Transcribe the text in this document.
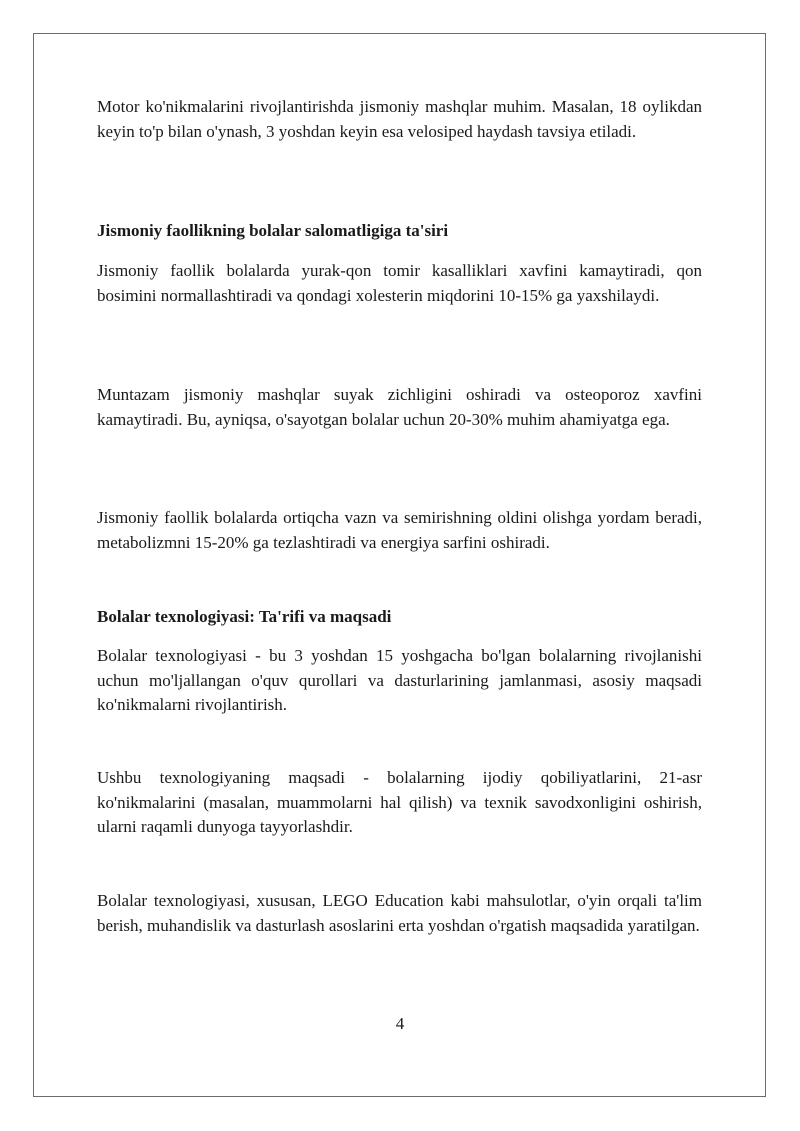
Motor ko'nikmalarini rivojlantirishda jismoniy mashqlar muhim. Masalan, 18 oylikdan keyin to'p bilan o'ynash, 3 yoshdan keyin esa velosiped haydash tavsiya etiladi.

Jismoniy faollikning bolalar salomatligiga ta'siri

Jismoniy faollik bolalarda yurak-qon tomir kasalliklari xavfini kamaytiradi, qon bosimini normallashtiradi va qondagi xolesterin miqdorini 10-15% ga yaxshilaydi.

Muntazam jismoniy mashqlar suyak zichligini oshiradi va osteoporoz xavfini kamaytiradi. Bu, ayniqsa, o'sayotgan bolalar uchun 20-30% muhim ahamiyatga ega.

Jismoniy faollik bolalarda ortiqcha vazn va semirishning oldini olishga yordam beradi, metabolizmni 15-20% ga tezlashtiradi va energiya sarfini oshiradi.

Bolalar texnologiyasi: Ta'rifi va maqsadi

Bolalar texnologiyasi - bu 3 yoshdan 15 yoshgacha bo'lgan bolalarning rivojlanishi uchun mo'ljallangan o'quv qurollari va dasturlarining jamlanmasi, asosiy maqsadi ko'nikmalarni rivojlantirish.

Ushbu texnologiyaning maqsadi - bolalarning ijodiy qobiliyatlarini, 21-asr ko'nikmalarini (masalan, muammolarni hal qilish) va texnik savodxonligini oshirish, ularni raqamli dunyoga tayyorlashdir.

Bolalar texnologiyasi, xususan, LEGO Education kabi mahsulotlar, o'yin orqali ta'lim berish, muhandislik va dasturlash asoslarini erta yoshdan o'rgatish maqsadida yaratilgan.

4
